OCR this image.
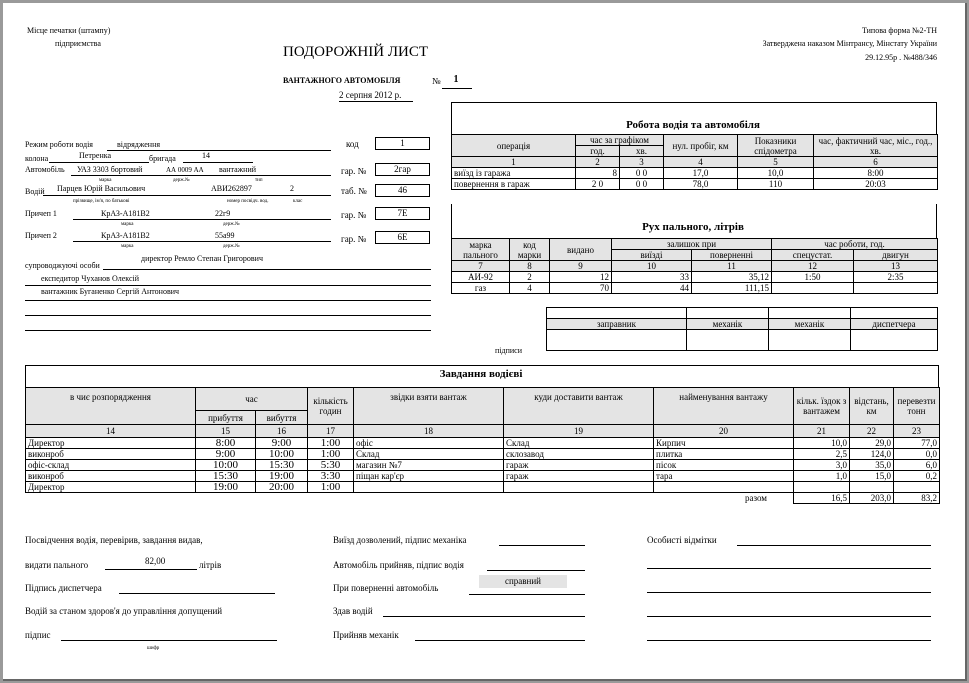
Місце печатки (штампу)
підприємства
Типова форма №2-ТН
Затверджена наказом Мінтрансу, Мінстату України
29.12.95р . №488/346
ПОДОРОЖНІЙ ЛИСТ
ВАНТАЖНОГО АВТОМОБІЛЯ	№	1
2 серпня 2012 р.
Режим роботи водія	відрядження	код	1
колона	Петренка	бригада	14
Автомобіль УАЗ 3303 бортовий	АА 0009 АА вантажний	гар. №	2гар
марка	держ.№	тип
Водій Парцев Юрій Васильович	АВИ262897	2	таб. №	46
прізвище, ім'я, по батькові	номер посвідч. вод.	клас
Причеп 1	КрАЗ-А181В2	22г9	гар. №	7Е
марка	держ.№
Причеп 2	КрАЗ-А181В2	55а99	гар. №	6Е
марка	держ.№
супроводжуючі особи
директор Ремло Степан Григорович
експедитор Чуханов Олексій
вантажник Буганенко Сергій Антонович
Робота водія та автомобіля
операція	час за графіком		нул. пробіг, км	Показники спідометра	час, фактичний час, міс., год., хв.
	год.	хв.			
1	2	3	4	5	6
виїзд із гаража	8	0 0	17,0	10,0	8:00
повернення в гараж	2 0	0 0	78,0	110	20:03
Рух пального, літрів
марка пального	код марки	видано	залишок при		час роботи, год.	
			виїзді	поверненні	спецустат.	двигун
7	8	9	10	11	12	13
АИ-92	2	12	33	35,12	1:50	2:35
газ	4	70	44	111,15		

заправник	механік	механік	диспетчера

підписи
Завдання водієві
в чиє розпорядження	час		кількість годин	звідки взяти вантаж	куди доставити вантаж	найменування вантажу	кільк. їздок з вантажем	відстань, км	перевезти тонн
	прибуття	вибуття							
14	15	16	17	18	19	20	21	22	23
Директор	8:00	9:00	1:00	офіс	Склад	Кирпич	10,0	29,0	77,0
виконроб	9:00	10:00	1:00	Склад	склозавод	плитка	2,5	124,0	0,0
офіс-склад	10:00	15:30	5:30	магазин №7	гараж	пісок	3,0	35,0	6,0
виконроб	15:30	19:00	3:30	піщан кар'єр	гараж	тара	1,0	15,0	0,2
Директор	19:00	20:00	1:00						
разом							16,5	203,0	83,2
Посвідчення водія, перевірив, завдання видав,
видати пального	82,00	літрів
Підпись диспетчера
Водій за станом здоров'я до управління допущений
підпис
шифр
Виїзд дозволений, підпис механіка
Автомобіль прийняв, підпис водія
При поверненні автомобіль
справний
Здав водій
Прийняв механік
Особисті відмітки
